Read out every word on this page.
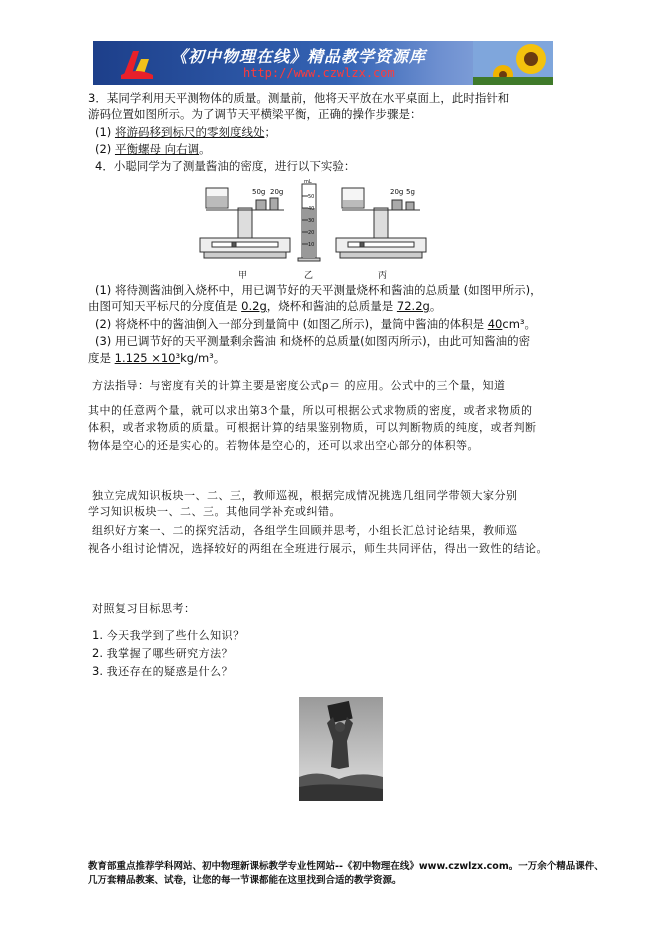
《初中物理在线》精品教学资源库
http://www.czwlzx.com
3．某同学利用天平测物体的质量。测量前，他将天平放在水平桌面上，此时指针和
游码位置如图所示。为了调节天平横梁平衡，正确的操作步骤是：
(1) 将游码移到标尺的零刻度线处；
(2) 平衡螺母 向右调。
4．小聪同学为了测量酱油的密度，进行以下实验：
50g 20g
mL
50
40
30
20
10
20g 5g
甲	乙	丙
(1) 将待测酱油倒入烧杯中，用已调节好的天平测量烧杯和酱油的总质量 (如图甲所示)，
由图可知天平标尺的分度值是 0.2g，烧杯和酱油的总质量是 72.2g。
(2) 将烧杯中的酱油倒入一部分到量筒中 (如图乙所示)，量筒中酱油的体积是 40cm³。
(3) 用已调节好的天平测量剩余酱油 和烧杯的总质量(如图丙所示)，由此可知酱油的密
度是 1.125 ×10³kg/m³。
方法指导：与密度有关的计算主要是密度公式ρ＝ 的应用。公式中的三个量，知道
其中的任意两个量，就可以求出第3个量，所以可根据公式求物质的密度，或者求物质的
体积，或者求物质的质量。可根据计算的结果鉴别物质，可以判断物质的纯度，或者判断
物体是空心的还是实心的。若物体是空心的，还可以求出空心部分的体积等。
独立完成知识板块一、二、三，教师巡视，根据完成情况挑选几组同学带领大家分别
学习知识板块一、二、三。其他同学补充或纠错。
组织好方案一、二的探究活动，各组学生回顾并思考，小组长汇总讨论结果，教师巡
视各小组讨论情况，选择较好的两组在全班进行展示，师生共同评估，得出一致性的结论。
对照复习目标思考：
1. 今天我学到了些什么知识？
2. 我掌握了哪些研究方法？
3. 我还存在的疑惑是什么？
教育部重点推荐学科网站、初中物理新课标教学专业性网站--《初中物理在线》www.czwlzx.com。一万余个精品课件、
几万套精品教案、试卷，让您的每一节课都能在这里找到合适的教学资源。
